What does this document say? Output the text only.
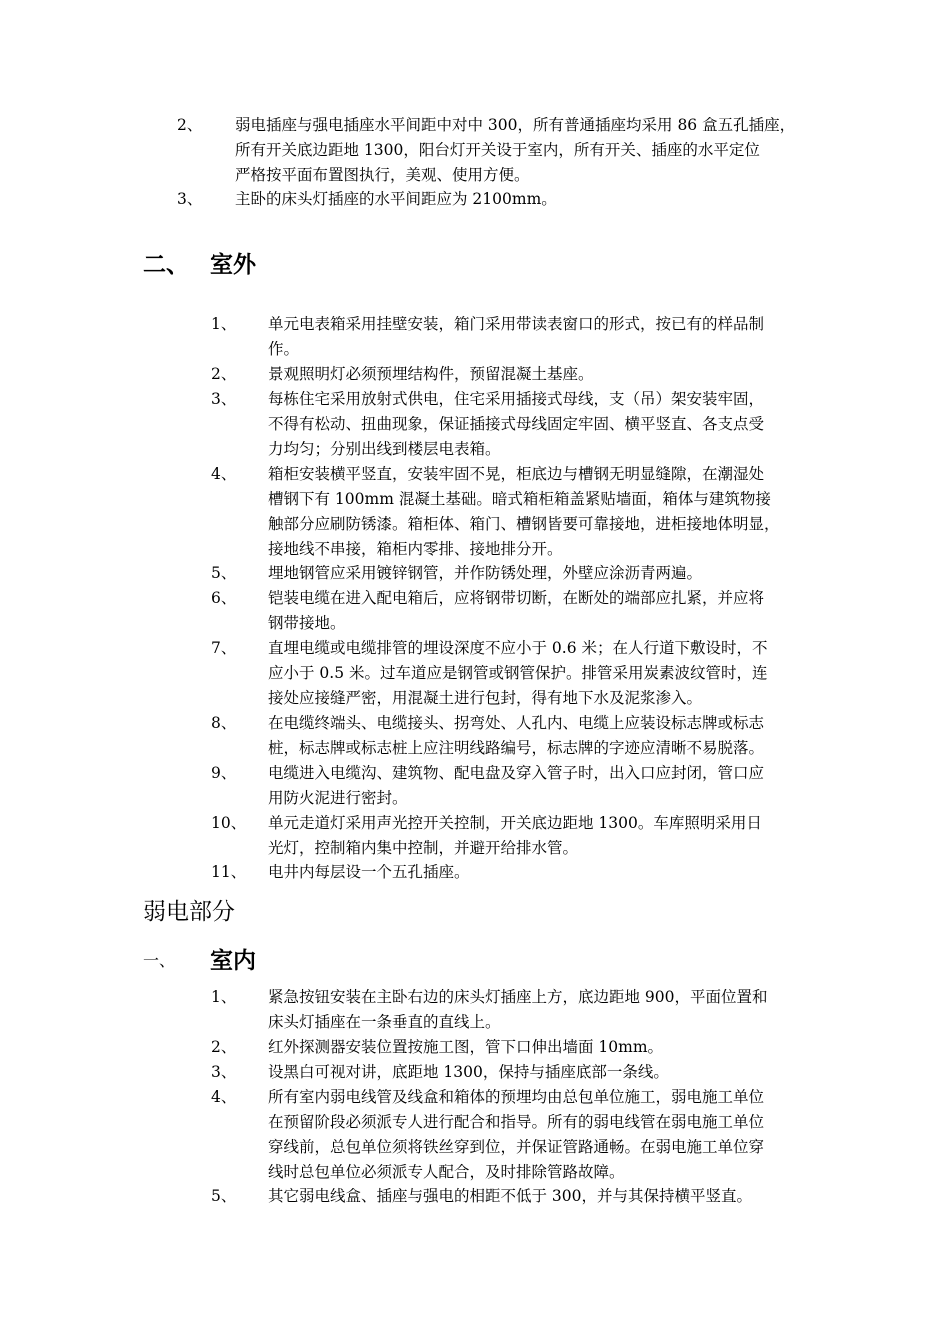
2、 弱电插座与强电插座水平间距中对中 300，所有普通插座均采用 86 盒五孔插座，
所有开关底边距地 1300，阳台灯开关设于室内，所有开关、插座的水平定位
严格按平面布置图执行，美观、使用方便。
3、 主卧的床头灯插座的水平间距应为 2100mm。
二、 室外
1、 单元电表箱采用挂壁安装，箱门采用带读表窗口的形式，按已有的样品制
作。
2、 景观照明灯必须预埋结构件，预留混凝土基座。
3、 每栋住宅采用放射式供电，住宅采用插接式母线，支（吊）架安装牢固，
不得有松动、扭曲现象，保证插接式母线固定牢固、横平竖直、各支点受
力均匀；分别出线到楼层电表箱。
4、 箱柜安装横平竖直，安装牢固不晃，柜底边与槽钢无明显缝隙，在潮湿处
槽钢下有 100mm 混凝土基础。暗式箱柜箱盖紧贴墙面，箱体与建筑物接
触部分应刷防锈漆。箱柜体、箱门、槽钢皆要可靠接地，进柜接地体明显，
接地线不串接，箱柜内零排、接地排分开。
5、 埋地钢管应采用镀锌钢管，并作防锈处理，外壁应涂沥青两遍。
6、 铠装电缆在进入配电箱后，应将钢带切断，在断处的端部应扎紧，并应将
钢带接地。
7、 直埋电缆或电缆排管的埋设深度不应小于 0.6 米；在人行道下敷设时，不
应小于 0.5 米。过车道应是钢管或钢管保护。排管采用炭素波纹管时，连
接处应接缝严密，用混凝土进行包封，得有地下水及泥浆渗入。
8、 在电缆终端头、电缆接头、拐弯处、人孔内、电缆上应装设标志牌或标志
桩，标志牌或标志桩上应注明线路编号，标志牌的字迹应清晰不易脱落。
9、 电缆进入电缆沟、建筑物、配电盘及穿入管子时，出入口应封闭，管口应
用防火泥进行密封。
10、 单元走道灯采用声光控开关控制，开关底边距地 1300。车库照明采用日
光灯，控制箱内集中控制，并避开给排水管。
11、 电井内每层设一个五孔插座。
弱电部分
一、 室内
1、 紧急按钮安装在主卧右边的床头灯插座上方，底边距地 900，平面位置和
床头灯插座在一条垂直的直线上。
2、 红外探测器安装位置按施工图，管下口伸出墙面 10mm。
3、 设黑白可视对讲，底距地 1300，保持与插座底部一条线。
4、 所有室内弱电线管及线盒和箱体的预埋均由总包单位施工，弱电施工单位
在预留阶段必须派专人进行配合和指导。所有的弱电线管在弱电施工单位
穿线前，总包单位须将铁丝穿到位，并保证管路通畅。在弱电施工单位穿
线时总包单位必须派专人配合，及时排除管路故障。
5、 其它弱电线盒、插座与强电的相距不低于 300，并与其保持横平竖直。
